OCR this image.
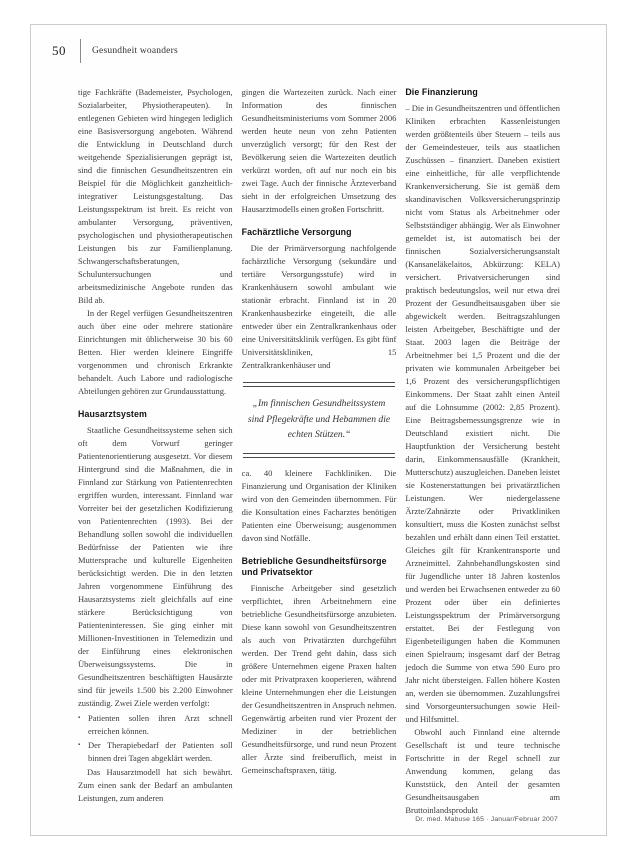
50	Gesundheit woanders

tige Fachkräfte (Bademeister, Psychologen, Sozialarbeiter, Physiotherapeuten). In entlegenen Gebieten wird hingegen lediglich eine Basisversorgung angeboten. Während die Entwicklung in Deutschland durch weitgehende Spezialisierungen geprägt ist, sind die finnischen Gesundheitszentren ein Beispiel für die Möglichkeit ganzheitlich-integrativer Leistungsgestaltung. Das Leistungsspektrum ist breit. Es reicht von ambulanter Versorgung, präventiven, psychologischen und physiotherapeutischen Leistungen bis zur Familienplanung. Schwangerschaftsberatungen, Schuluntersuchungen und arbeitsmedizinische Angebote runden das Bild ab.

In der Regel verfügen Gesundheitszentren auch über eine oder mehrere stationäre Einrichtungen mit üblicherweise 30 bis 60 Betten. Hier werden kleinere Eingriffe vorgenommen und chronisch Erkrankte behandelt. Auch Labore und radiologische Abteilungen gehören zur Grundausstattung.

Hausarztsystem

Staatliche Gesundheitssysteme sehen sich oft dem Vorwurf geringer Patientenorientierung ausgesetzt. Vor diesem Hintergrund sind die Maßnahmen, die in Finnland zur Stärkung von Patientenrechten ergriffen wurden, interessant. Finnland war Vorreiter bei der gesetzlichen Kodifizierung von Patientenrechten (1993). Bei der Behandlung sollen sowohl die individuellen Bedürfnisse der Patienten wie ihre Muttersprache und kulturelle Eigenheiten berücksichtigt werden. Die in den letzten Jahren vorgenommene Einführung des Hausarztsystems zielt gleichfalls auf eine stärkere Berücksichtigung von Patienteninteressen. Sie ging einher mit Millionen-Investitionen in Telemedizin und der Einführung eines elektronischen Überweisungssystems. Die in Gesundheitszentren beschäftigten Hausärzte sind für jeweils 1.500 bis 2.200 Einwohner zuständig. Zwei Ziele werden verfolgt:

▪ Patienten sollen ihren Arzt schnell erreichen können.
▪ Der Therapiebedarf der Patienten soll binnen drei Tagen abgeklärt werden.

Das Hausarztmodell hat sich bewährt. Zum einen sank der Bedarf an ambulanten Leistungen, zum anderen

gingen die Wartezeiten zurück. Nach einer Information des finnischen Gesundheitsministeriums vom Sommer 2006 werden heute neun von zehn Patienten unverzüglich versorgt; für den Rest der Bevölkerung seien die Wartezeiten deutlich verkürzt worden, oft auf nur noch ein bis zwei Tage. Auch der finnische Ärzteverband sieht in der erfolgreichen Umsetzung des Hausarztmodells einen großen Fortschritt.

Fachärztliche Versorgung

Die der Primärversorgung nachfolgende fachärztliche Versorgung (sekundäre und tertiäre Versorgungsstufe) wird in Krankenhäusern sowohl ambulant wie stationär erbracht. Finnland ist in 20 Krankenhausbezirke eingeteilt, die alle entweder über ein Zentralkrankenhaus oder eine Universitätsklinik verfügen. Es gibt fünf Universitätskliniken, 15 Zentralkrankenhäuser und

„Im finnischen Gesundheitssystem sind Pflegekräfte und Hebammen die echten Stützen.“

ca. 40 kleinere Fachkliniken. Die Finanzierung und Organisation der Kliniken wird von den Gemeinden übernommen. Für die Konsultation eines Facharztes benötigen Patienten eine Überweisung; ausgenommen davon sind Notfälle.

Betriebliche Gesundheitsfürsorge und Privatsektor

Finnische Arbeitgeber sind gesetzlich verpflichtet, ihren Arbeitnehmern eine betriebliche Gesundheitsfürsorge anzubieten. Diese kann sowohl von Gesundheitszentren als auch von Privatärzten durchgeführt werden. Der Trend geht dahin, dass sich größere Unternehmen eigene Praxen halten oder mit Privatpraxen kooperieren, während kleine Unternehmungen eher die Leistungen der Gesundheitszentren in Anspruch nehmen. Gegenwärtig arbeiten rund vier Prozent der Mediziner in der betrieblichen Gesundheitsfürsorge, und rund neun Prozent aller Ärzte sind freiberuflich, meist in Gemeinschaftspraxen, tätig.

Die Finanzierung

– Die in Gesundheitszentren und öffentlichen Kliniken erbrachten Kassenleistungen werden größtenteils über Steuern – teils aus der Gemeindesteuer, teils aus staatlichen Zuschüssen – finanziert. Daneben existiert eine einheitliche, für alle verpflichtende Krankenversicherung. Sie ist gemäß dem skandinavischen Volksversicherungsprinzip nicht vom Status als Arbeitnehmer oder Selbstständiger abhängig. Wer als Einwohner gemeldet ist, ist automatisch bei der finnischen Sozialversicherungsanstalt (Kansaneläkelaitos, Abkürzung: KELA) versichert. Privatversicherungen sind praktisch bedeutungslos, weil nur etwa drei Prozent der Gesundheitsausgaben über sie abgewickelt werden. Beitragszahlungen leisten Arbeitgeber, Beschäftigte und der Staat. 2003 lagen die Beiträge der Arbeitnehmer bei 1,5 Prozent und die der privaten wie kommunalen Arbeitgeber bei 1,6 Prozent des versicherungspflichtigen Einkommens. Der Staat zahlt einen Anteil auf die Lohnsumme (2002: 2,85 Prozent). Eine Beitragsbemessungsgrenze wie in Deutschland existiert nicht. Die Hauptfunktion der Versicherung besteht darin, Einkommensausfälle (Krankheit, Mutterschutz) auszugleichen. Daneben leistet sie Kostenerstattungen bei privatärztlichen Leistungen. Wer niedergelassene Ärzte/Zahnärzte oder Privatkliniken konsultiert, muss die Kosten zunächst selbst bezahlen und erhält dann einen Teil erstattet. Gleiches gilt für Krankentransporte und Arzneimittel. Zahnbehandlungskosten sind für Jugendliche unter 18 Jahren kostenlos und werden bei Erwachsenen entweder zu 60 Prozent oder über ein definiertes Leistungsspektrum der Primärversorgung erstattet. Bei der Festlegung von Eigenbeteiligungen haben die Kommunen einen Spielraum; insgesamt darf der Betrag jedoch die Summe von etwa 590 Euro pro Jahr nicht übersteigen. Fallen höhere Kosten an, werden sie übernommen. Zuzahlungsfrei sind Vorsorgeuntersuchungen sowie Heil- und Hilfsmittel.

Obwohl auch Finnland eine alternde Gesellschaft ist und teure technische Fortschritte in der Regel schnell zur Anwendung kommen, gelang das Kunststück, den Anteil der gesamten Gesundheitsausgaben am Bruttoinlandsprodukt

Dr. med. Mabuse 165 · Januar/Februar 2007
